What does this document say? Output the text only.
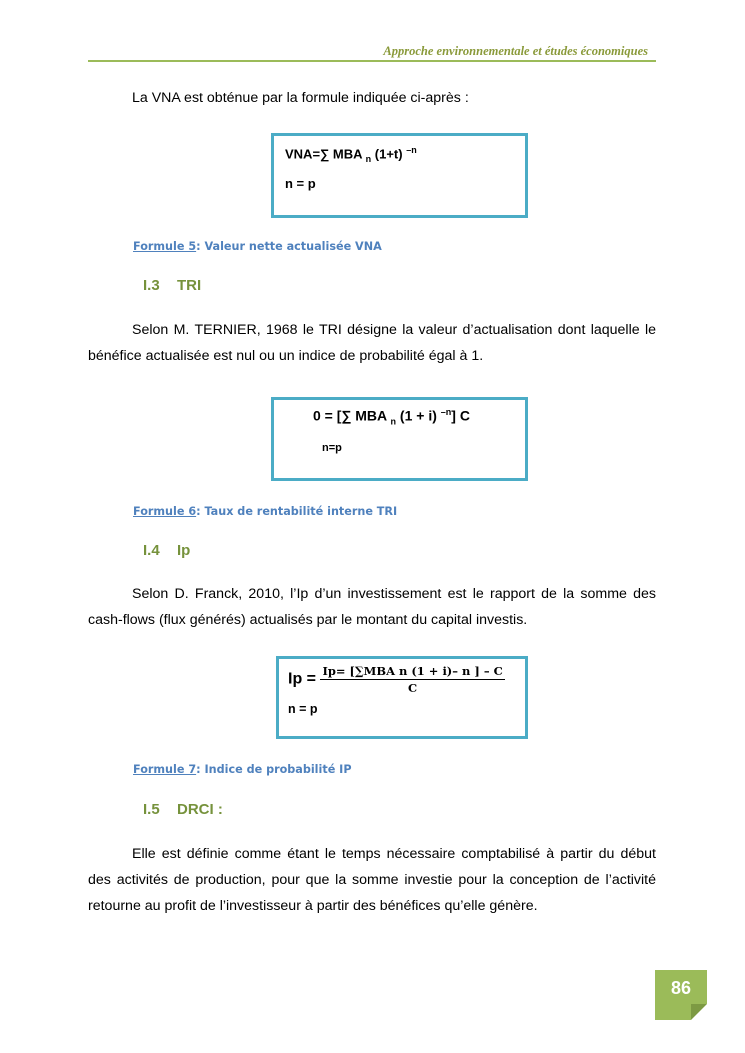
Approche environnementale et études économiques

La VNA est obténue par la formule indiquée ci-après :

VNA=∑ MBA $_n$ (1+t) $^{-n}$
n = p
Formule 5: Valeur nette actualisée VNA
I.3 TRI

Selon M. TERNIER, 1968 le TRI désigne la valeur d’actualisation dont laquelle le bénéfice actualisée est nul ou un indice de probabilité égal à 1.

0 = [∑ MBA $_n$ (1 + i) $^{-n}$] C
n=p
Formule 6: Taux de rentabilité interne TRI
I.4 Ip

Selon D. Franck, 2010, l’Ip d’un investissement est le rapport de la somme des cash-flows (flux générés) actualisés par le montant du capital investis.

$Ip = \frac{\text{Ip= [∑MBA n (1 + i)– n ] – C}}{C}$
n = p
Formule 7: Indice de probabilité IP
I.5 DRCI :

Elle est définie comme étant le temps nécessaire comptabilisé à partir du début des activités de production, pour que la somme investie pour la conception de l’activité retourne au profit de l’investisseur à partir des bénéfices qu’elle génère.

86
